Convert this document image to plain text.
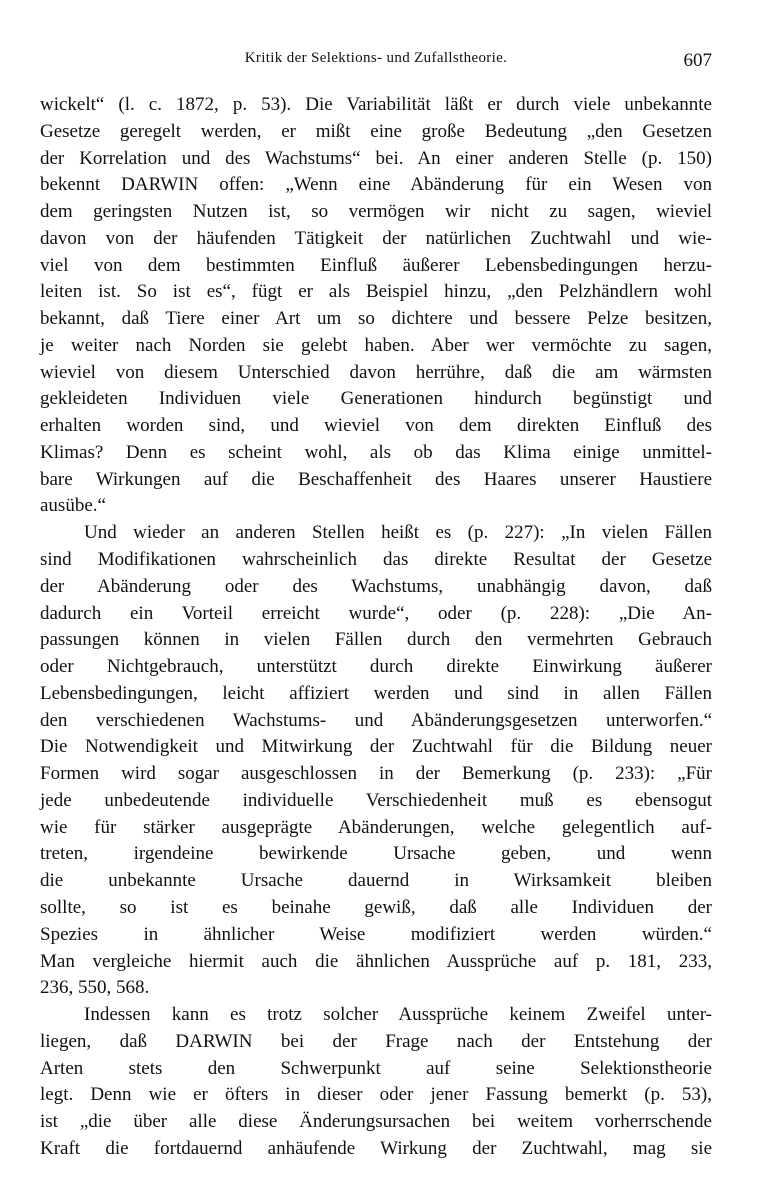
Kritik der Selektions- und Zufallstheorie.	607
wickelt“ (l. c. 1872, p. 53). Die Variabilität läßt er durch viele unbekannte
Gesetze geregelt werden, er mißt eine große Bedeutung „den Gesetzen
der Korrelation und des Wachstums“ bei. An einer anderen Stelle (p. 150)
bekennt DARWIN offen: „Wenn eine Abänderung für ein Wesen von
dem geringsten Nutzen ist, so vermögen wir nicht zu sagen, wieviel
davon von der häufenden Tätigkeit der natürlichen Zuchtwahl und wie-
viel von dem bestimmten Einfluß äußerer Lebensbedingungen herzu-
leiten ist. So ist es“, fügt er als Beispiel hinzu, „den Pelzhändlern wohl
bekannt, daß Tiere einer Art um so dichtere und bessere Pelze besitzen,
je weiter nach Norden sie gelebt haben. Aber wer vermöchte zu sagen,
wieviel von diesem Unterschied davon herrühre, daß die am wärmsten
gekleideten Individuen viele Generationen hindurch begünstigt und
erhalten worden sind, und wieviel von dem direkten Einfluß des
Klimas? Denn es scheint wohl, als ob das Klima einige unmittel-
bare Wirkungen auf die Beschaffenheit des Haares unserer Haustiere
ausübe.“
Und wieder an anderen Stellen heißt es (p. 227): „In vielen Fällen
sind Modifikationen wahrscheinlich das direkte Resultat der Gesetze
der Abänderung oder des Wachstums, unabhängig davon, daß
dadurch ein Vorteil erreicht wurde“, oder (p. 228): „Die An-
passungen können in vielen Fällen durch den vermehrten Gebrauch
oder Nichtgebrauch, unterstützt durch direkte Einwirkung äußerer
Lebensbedingungen, leicht affiziert werden und sind in allen Fällen
den verschiedenen Wachstums- und Abänderungsgesetzen unterworfen.“
Die Notwendigkeit und Mitwirkung der Zuchtwahl für die Bildung neuer
Formen wird sogar ausgeschlossen in der Bemerkung (p. 233): „Für
jede unbedeutende individuelle Verschiedenheit muß es ebensogut
wie für stärker ausgeprägte Abänderungen, welche gelegentlich auf-
treten, irgendeine bewirkende Ursache geben, und wenn
die unbekannte Ursache dauernd in Wirksamkeit bleiben
sollte, so ist es beinahe gewiß, daß alle Individuen der
Spezies in ähnlicher Weise modifiziert werden würden.“
Man vergleiche hiermit auch die ähnlichen Aussprüche auf p. 181, 233,
236, 550, 568.
Indessen kann es trotz solcher Aussprüche keinem Zweifel unter-
liegen, daß DARWIN bei der Frage nach der Entstehung der
Arten stets den Schwerpunkt auf seine Selektionstheorie
legt. Denn wie er öfters in dieser oder jener Fassung bemerkt (p. 53),
ist „die über alle diese Änderungsursachen bei weitem vorherrschende
Kraft die fortdauernd anhäufende Wirkung der Zuchtwahl, mag sie
